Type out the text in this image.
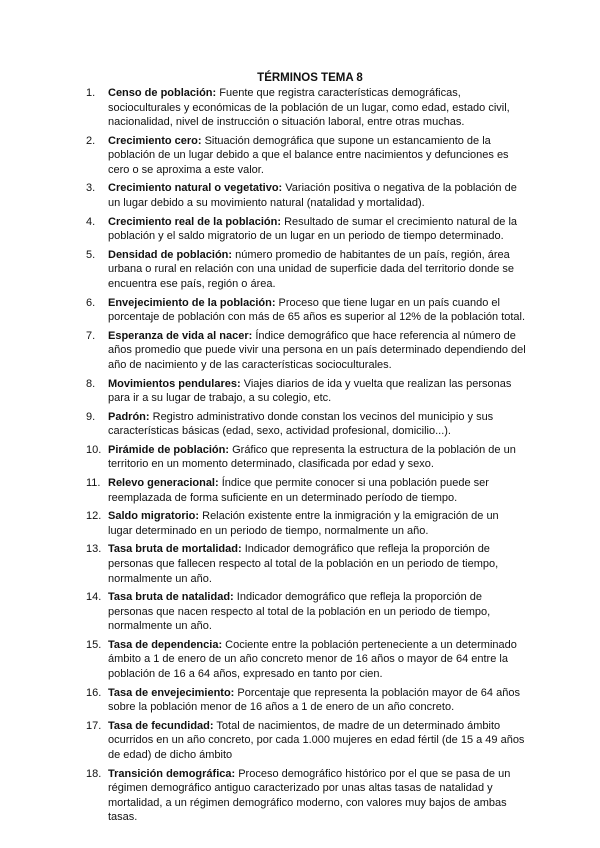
TÉRMINOS TEMA 8
1.	Censo de población: Fuente que registra características demográficas, socioculturales y económicas de la población de un lugar, como edad, estado civil, nacionalidad, nivel de instrucción o situación laboral, entre otras muchas.
2.	Crecimiento cero: Situación demográfica que supone un estancamiento de la población de un lugar debido a que el balance entre nacimientos y defunciones es cero o se aproxima a este valor.
3.	Crecimiento natural o vegetativo: Variación positiva o negativa de la población de un lugar debido a su movimiento natural (natalidad y mortalidad).
4.	Crecimiento real de la población: Resultado de sumar el crecimiento natural de la población y el saldo migratorio de un lugar en un periodo de tiempo determinado.
5.	Densidad de población: número promedio de habitantes de un país, región, área urbana o rural en relación con una unidad de superficie dada del territorio donde se encuentra ese país, región o área.
6.	Envejecimiento de la población: Proceso que tiene lugar en un país cuando el porcentaje de población con más de 65 años es superior al 12% de la población total.
7.	Esperanza de vida al nacer: Índice demográfico que hace referencia al número de años promedio que puede vivir una persona en un país determinado dependiendo del año de nacimiento y de las características socioculturales.
8.	Movimientos pendulares: Viajes diarios de ida y vuelta que realizan las personas para ir a su lugar de trabajo, a su colegio, etc.
9.	Padrón: Registro administrativo donde constan los vecinos del municipio y sus características básicas (edad, sexo, actividad profesional, domicilio...).
10. Pirámide de población: Gráfico que representa la estructura de la población de un territorio en un momento determinado, clasificada por edad y sexo.
11. Relevo generacional: Índice que permite conocer si una población puede ser reemplazada de forma suficiente en un determinado período de tiempo.
12. Saldo migratorio: Relación existente entre la inmigración y la emigración de un lugar determinado en un periodo de tiempo, normalmente un año.
13. Tasa bruta de mortalidad: Indicador demográfico que refleja la proporción de personas que fallecen respecto al total de la población en un periodo de tiempo, normalmente un año.
14. Tasa bruta de natalidad: Indicador demográfico que refleja la proporción de personas que nacen respecto al total de la población en un periodo de tiempo, normalmente un año.
15. Tasa de dependencia: Cociente entre la población perteneciente a un determinado ámbito a 1 de enero de un año concreto menor de 16 años o mayor de 64 entre la población de 16 a 64 años, expresado en tanto por cien.
16. Tasa de envejecimiento: Porcentaje que representa la población mayor de 64 años sobre la población menor de 16 años a 1 de enero de un año concreto.
17. Tasa de fecundidad: Total de nacimientos, de madre de un determinado ámbito ocurridos en un año concreto, por cada 1.000 mujeres en edad fértil (de 15 a 49 años de edad) de dicho ámbito
18. Transición demográfica: Proceso demográfico histórico por el que se pasa de un régimen demográfico antiguo caracterizado por unas altas tasas de natalidad y mortalidad, a un régimen demográfico moderno, con valores muy bajos de ambas tasas.
